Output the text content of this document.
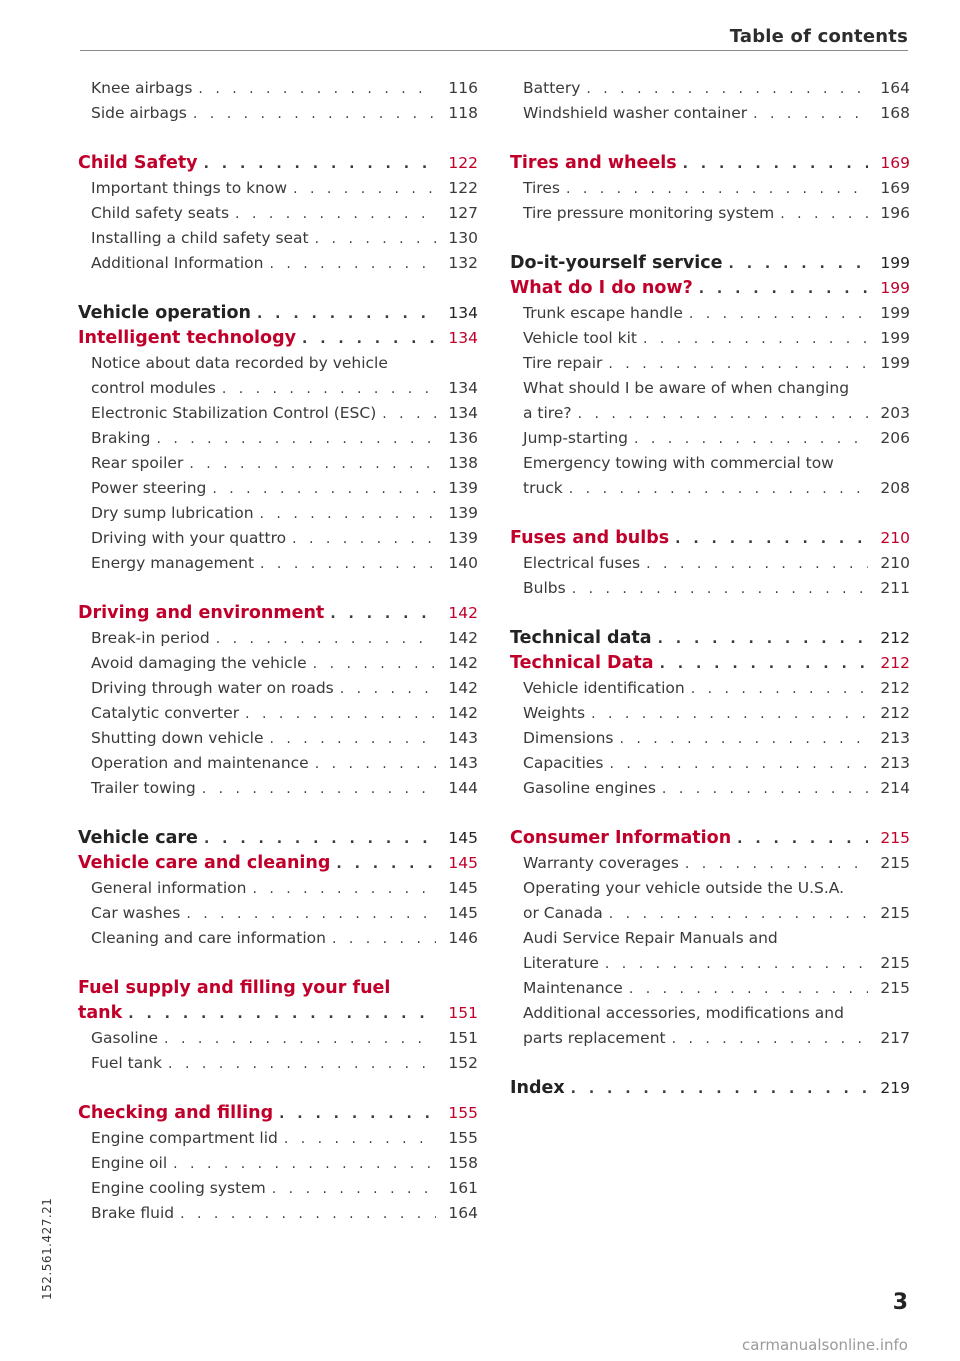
Table of contents
Knee airbags . . .	116
Side airbags . . .	118
Child Safety . . .	122
Important things to know . . .	122
Child safety seats . . .	127
Installing a child safety seat . . .	130
Additional Information . . .	132
Vehicle operation . . .	134
Intelligent technology . . .	134
Notice about data recorded by vehicle
control modules . . .	134
Electronic Stabilization Control (ESC) . . .	134
Braking . . .	136
Rear spoiler . . .	138
Power steering . . .	139
Dry sump lubrication . . .	139
Driving with your quattro . . .	139
Energy management . . .	140
Driving and environment . . .	142
Break-in period . . .	142
Avoid damaging the vehicle . . .	142
Driving through water on roads . . .	142
Catalytic converter . . .	142
Shutting down vehicle . . .	143
Operation and maintenance . . .	143
Trailer towing . . .	144
Vehicle care . . .	145
Vehicle care and cleaning . . .	145
General information . . .	145
Car washes . . .	145
Cleaning and care information . . .	146
Fuel supply and filling your fuel
tank . . .	151
Gasoline . . .	151
Fuel tank . . .	152
Checking and filling . . .	155
Engine compartment lid . . .	155
Engine oil . . .	158
Engine cooling system . . .	161
Brake fluid . . .	164
Battery . . .	164
Windshield washer container . . .	168
Tires and wheels . . .	169
Tires . . .	169
Tire pressure monitoring system . . .	196
Do-it-yourself service . . .	199
What do I do now? . . .	199
Trunk escape handle . . .	199
Vehicle tool kit . . .	199
Tire repair . . .	199
What should I be aware of when changing
a tire? . . .	203
Jump-starting . . .	206
Emergency towing with commercial tow
truck . . .	208
Fuses and bulbs . . .	210
Electrical fuses . . .	210
Bulbs . . .	211
Technical data . . .	212
Technical Data . . .	212
Vehicle identification . . .	212
Weights . . .	212
Dimensions . . .	213
Capacities . . .	213
Gasoline engines . . .	214
Consumer Information . . .	215
Warranty coverages . . .	215
Operating your vehicle outside the U.S.A.
or Canada . . .	215
Audi Service Repair Manuals and
Literature . . .	215
Maintenance . . .	215
Additional accessories, modifications and
parts replacement . . .	217
Index . . .	219
152.561.427.21
3
carmanualsonline.info
